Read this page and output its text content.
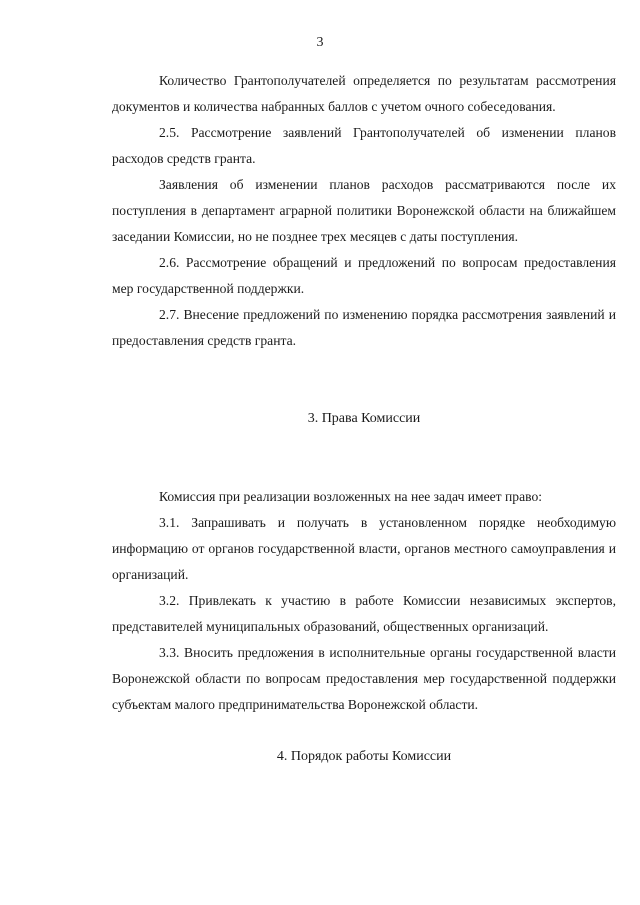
3

Количество Грантополучателей определяется по результатам рассмотрения документов и количества набранных баллов с учетом очного собеседования.

2.5. Рассмотрение заявлений Грантополучателей об изменении планов расходов средств гранта.

Заявления об изменении планов расходов рассматриваются после их поступления в департамент аграрной политики Воронежской области на ближайшем заседании Комиссии, но не позднее трех месяцев с даты поступления.

2.6. Рассмотрение обращений и предложений по вопросам предоставления мер государственной поддержки.

2.7. Внесение предложений по изменению порядка рассмотрения заявлений и предоставления средств гранта.

3. Права Комиссии

Комиссия при реализации возложенных на нее задач имеет право:

3.1. Запрашивать и получать в установленном порядке необходимую информацию от органов государственной власти, органов местного самоуправления и организаций.

3.2. Привлекать к участию в работе Комиссии независимых экспертов, представителей муниципальных образований, общественных организаций.

3.3. Вносить предложения в исполнительные органы государственной власти Воронежской области по вопросам предоставления мер государственной поддержки субъектам малого предпринимательства Воронежской области.

4. Порядок работы Комиссии
